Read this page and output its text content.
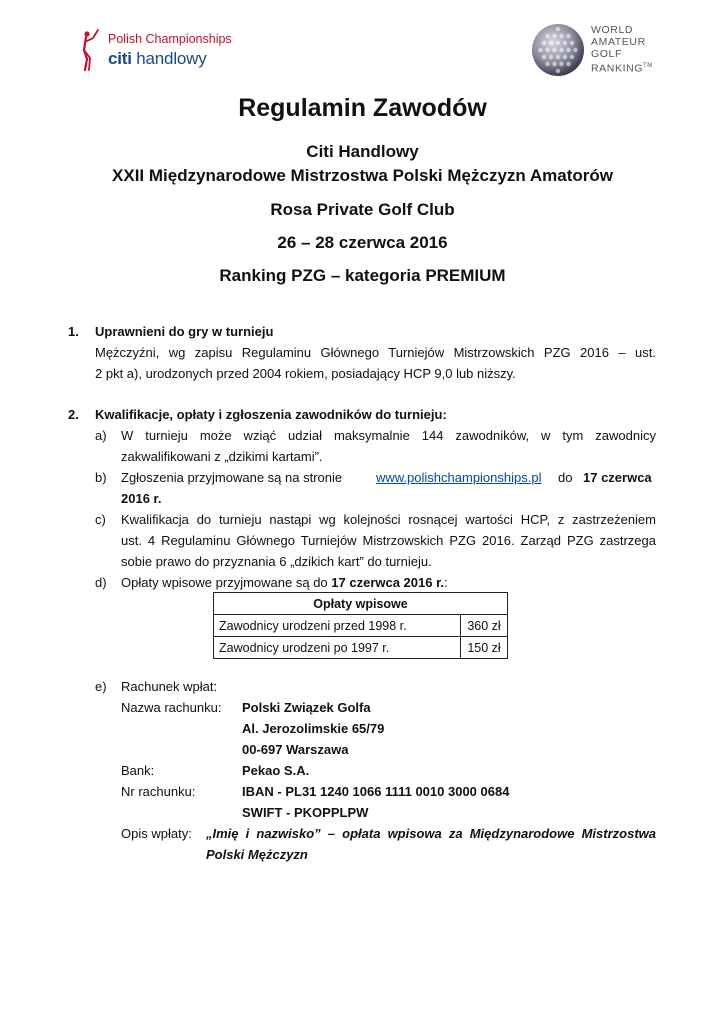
Polish Championships
citi handlowy
WORLD
AMATEUR
GOLF
RANKING™
Regulamin Zawodów
Citi Handlowy
XXII Międzynarodowe Mistrzostwa Polski Mężczyzn Amatorów
Rosa Private Golf Club
26 – 28 czerwca 2016
Ranking PZG – kategoria PREMIUM
1. Uprawnieni do gry w turnieju
Mężczyźni, wg zapisu Regulaminu Głównego Turniejów Mistrzowskich PZG 2016 – ust.
2 pkt a), urodzonych przed 2004 rokiem, posiadający HCP 9,0 lub niższy.
2. Kwalifikacje, opłaty i zgłoszenia zawodników do turnieju:
a) W turnieju może wziąć udział maksymalnie 144 zawodników, w tym zawodnicy
zakwalifikowani z „dzikimi kartami”.
b) Zgłoszenia przyjmowane są na stronie	www.polishchampionships.pl do 17 czerwca
2016 r.
c) Kwalifikacja do turnieju nastąpi wg kolejności rosnącej wartości HCP, z zastrzeżeniem
ust. 4 Regulaminu Głównego Turniejów Mistrzowskich PZG 2016. Zarząd PZG zastrzega
sobie prawo do przyznania 6 „dzikich kart” do turnieju.
d) Opłaty wpisowe przyjmowane są do 17 czerwca 2016 r.:
Opłaty wpisowe	
Zawodnicy urodzeni przed 1998 r.	360 zł
Zawodnicy urodzeni po 1997 r.	150 zł
e) Rachunek wpłat:
Nazwa rachunku: Polski Związek Golfa
Al. Jerozolimskie 65/79
00-697 Warszawa
Bank:	Pekao S.A.
Nr rachunku:	IBAN - PL31 1240 1066 1111 0010 3000 0684
SWIFT - PKOPPLPW
Opis wpłaty: „Imię i nazwisko” – opłata wpisowa za Międzynarodowe Mistrzostwa
Polski Mężczyzn
